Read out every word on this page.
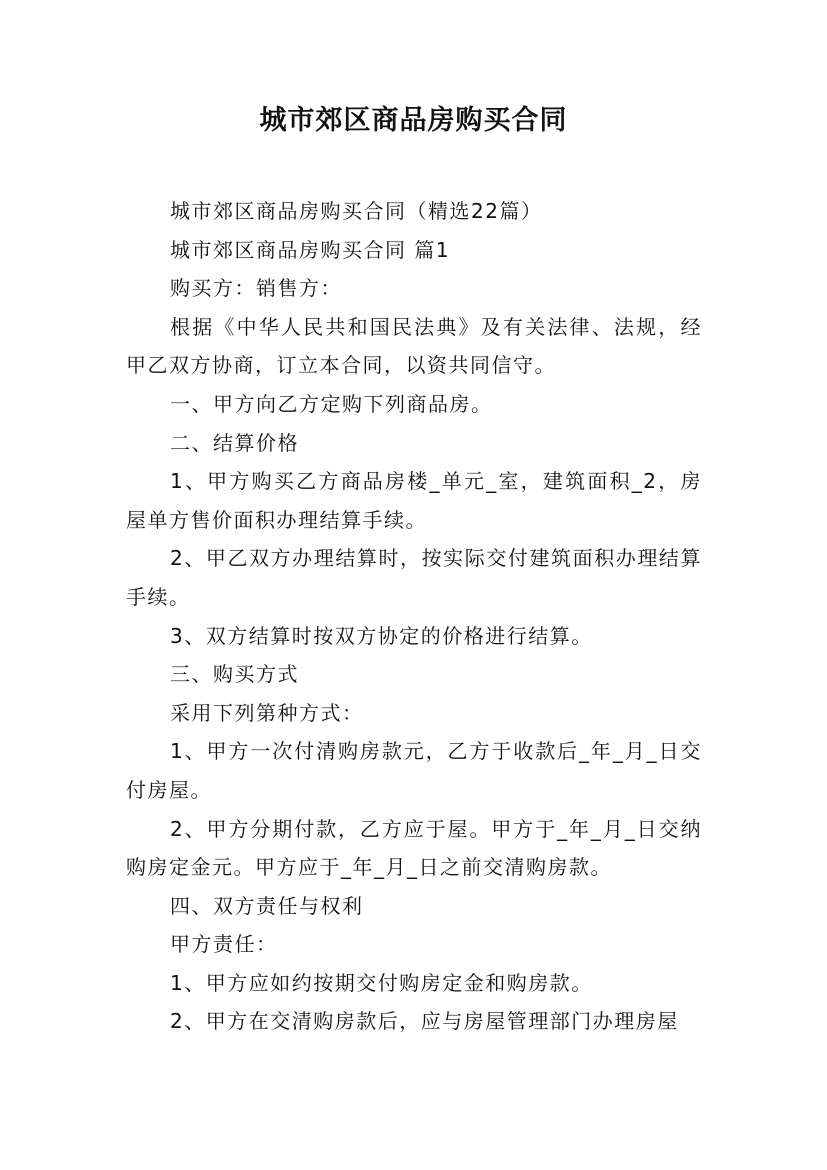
城市郊区商品房购买合同

城市郊区商品房购买合同（精选22篇）

城市郊区商品房购买合同 篇1

购买方：销售方：

根据《中华人民共和国民法典》及有关法律、法规，经甲乙双方协商，订立本合同，以资共同信守。

一、甲方向乙方定购下列商品房。

二、结算价格

1、甲方购买乙方商品房楼_单元_室，建筑面积_2，房屋单方售价面积办理结算手续。

2、甲乙双方办理结算时，按实际交付建筑面积办理结算手续。

3、双方结算时按双方协定的价格进行结算。

三、购买方式

采用下列第种方式：

1、甲方一次付清购房款元，乙方于收款后_年_月_日交付房屋。

2、甲方分期付款，乙方应于屋。甲方于_年_月_日交纳购房定金元。甲方应于_年_月_日之前交清购房款。

四、双方责任与权利

甲方责任：

1、甲方应如约按期交付购房定金和购房款。

2、甲方在交清购房款后，应与房屋管理部门办理房屋
